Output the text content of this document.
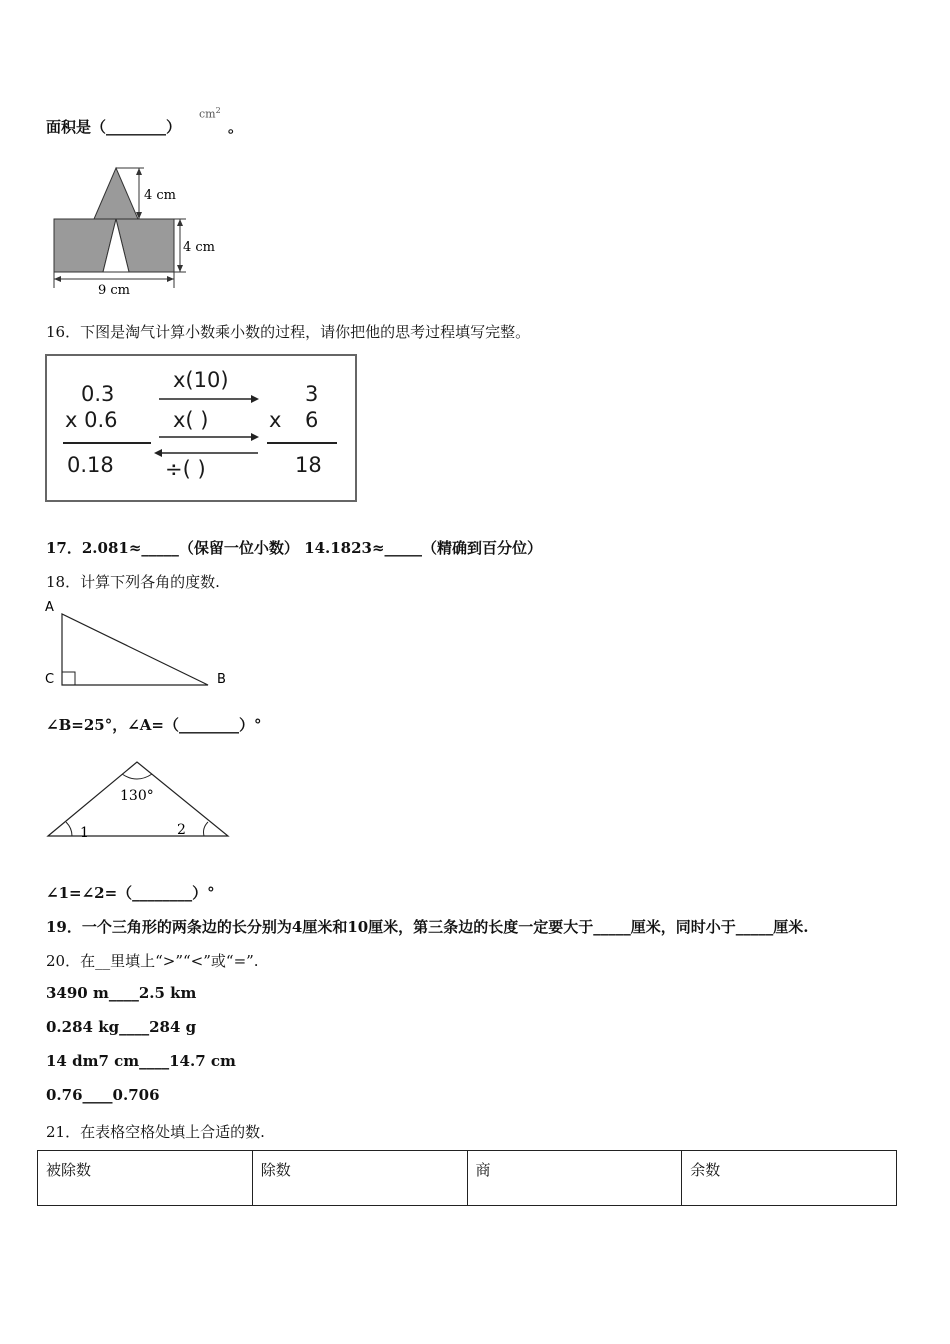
面积是（________）
$cm^2$
。
4 cm
4 cm
9 cm
16．下图是淘气计算小数乘小数的过程，请你把他的思考过程填写完整。
0.3
x 0.6
0.18
x(10)
x( )
÷( )
3
x 6
18
17．2.081≈_____（保留一位小数） 14.1823≈_____（精确到百分位）
18．计算下列各角的度数.
A
B
C
∠B=25°，∠A=（________）°
130°
1	2
∠1=∠2=（________）°
19．一个三角形的两条边的长分别为4厘米和10厘米，第三条边的长度一定要大于_____厘米，同时小于_____厘米.
20．在__里填上“>”“<”或“=”.
3490 m____2.5 km
0.284 kg____284 g
14 dm7 cm____14.7 cm
0.76____0.706
21．在表格空格处填上合适的数.
被除数	除数	商	余数
